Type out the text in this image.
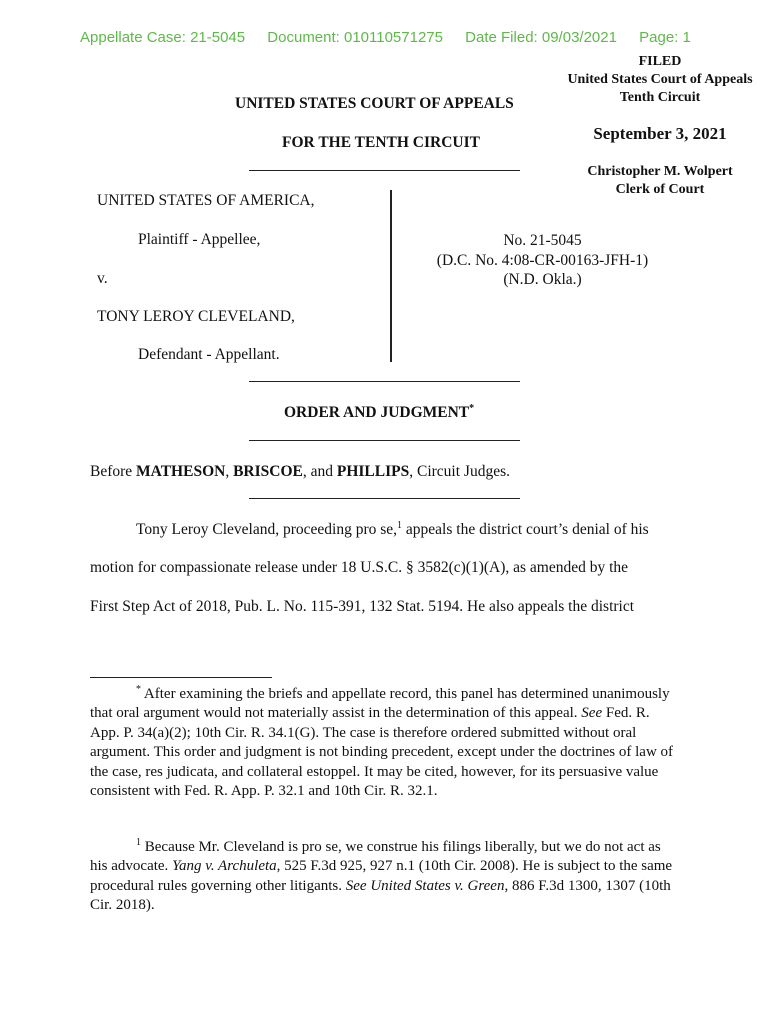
Appellate Case: 21-5045 Document: 010110571275 Date Filed: 09/03/2021 Page: 1
FILED
United States Court of Appeals
Tenth Circuit
September 3, 2021
Christopher M. Wolpert
Clerk of Court
UNITED STATES COURT OF APPEALS
FOR THE TENTH CIRCUIT
UNITED STATES OF AMERICA,
Plaintiff - Appellee,
v.
TONY LEROY CLEVELAND,
Defendant - Appellant.
No. 21-5045
(D.C. No. 4:08-CR-00163-JFH-1)
(N.D. Okla.)
ORDER AND JUDGMENT*
Before MATHESON, BRISCOE, and PHILLIPS, Circuit Judges.
Tony Leroy Cleveland, proceeding pro se,$^1$ appeals the district court’s denial of his
motion for compassionate release under 18 U.S.C. § 3582(c)(1)(A), as amended by the
First Step Act of 2018, Pub. L. No. 115-391, 132 Stat. 5194. He also appeals the district
* After examining the briefs and appellate record, this panel has determined unanimously that oral argument would not materially assist in the determination of this appeal. See Fed. R. App. P. 34(a)(2); 10th Cir. R. 34.1(G). The case is therefore ordered submitted without oral argument. This order and judgment is not binding precedent, except under the doctrines of law of the case, res judicata, and collateral estoppel. It may be cited, however, for its persuasive value consistent with Fed. R. App. P. 32.1 and 10th Cir. R. 32.1.
$^1$ Because Mr. Cleveland is pro se, we construe his filings liberally, but we do not act as his advocate. Yang v. Archuleta, 525 F.3d 925, 927 n.1 (10th Cir. 2008). He is subject to the same procedural rules governing other litigants. See United States v. Green, 886 F.3d 1300, 1307 (10th Cir. 2018).
